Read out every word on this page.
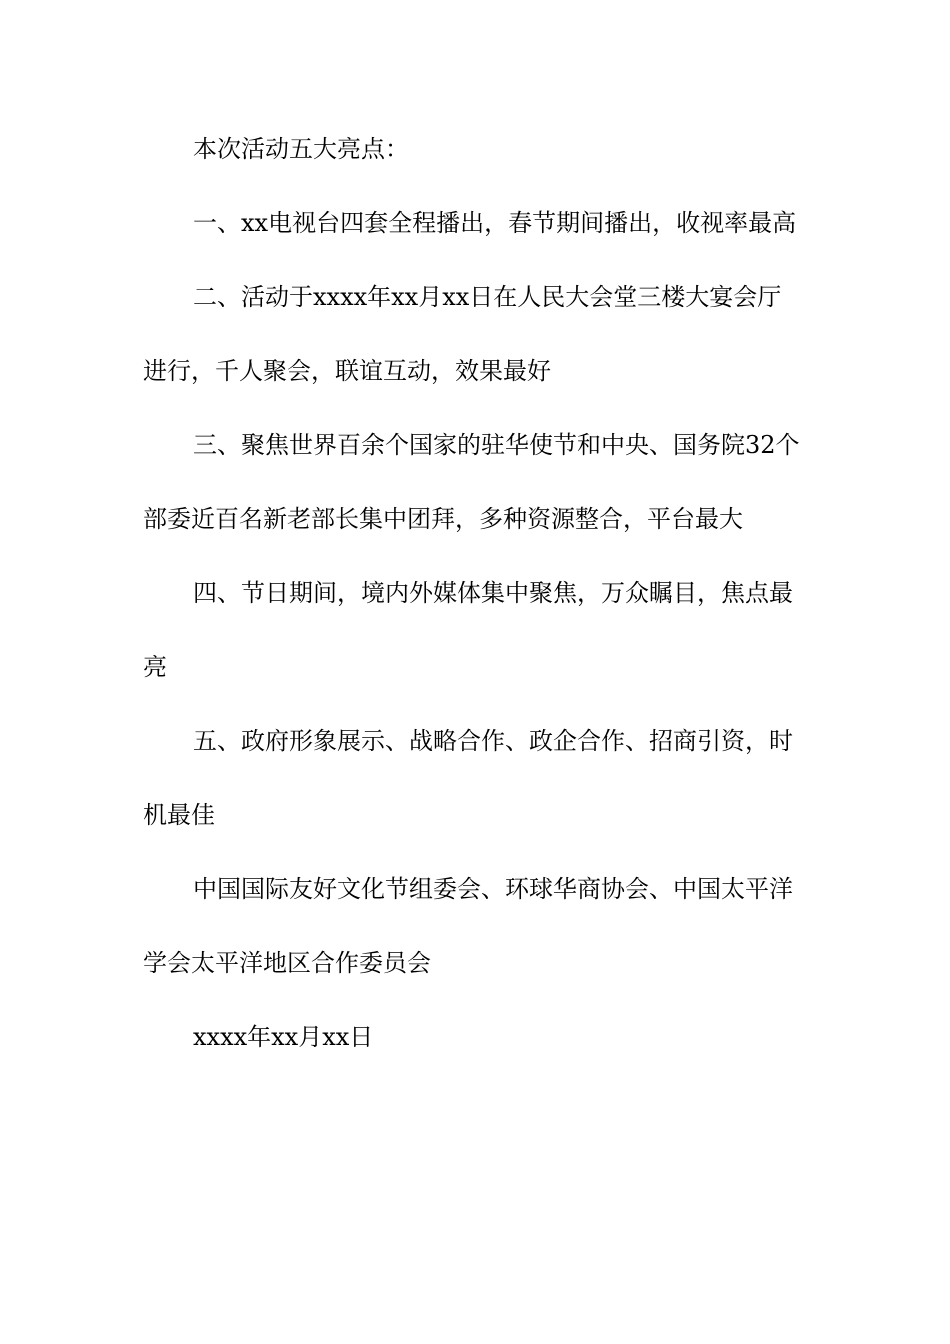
本次活动五大亮点：
一、xx电视台四套全程播出，春节期间播出，收视率最高
二、活动于xxxx年xx月xx日在人民大会堂三楼大宴会厅
进行，千人聚会，联谊互动，效果最好
三、聚焦世界百余个国家的驻华使节和中央、国务院32个
部委近百名新老部长集中团拜，多种资源整合，平台最大
四、节日期间，境内外媒体集中聚焦，万众瞩目，焦点最
亮
五、政府形象展示、战略合作、政企合作、招商引资，时
机最佳
中国国际友好文化节组委会、环球华商协会、中国太平洋
学会太平洋地区合作委员会
xxxx年xx月xx日
